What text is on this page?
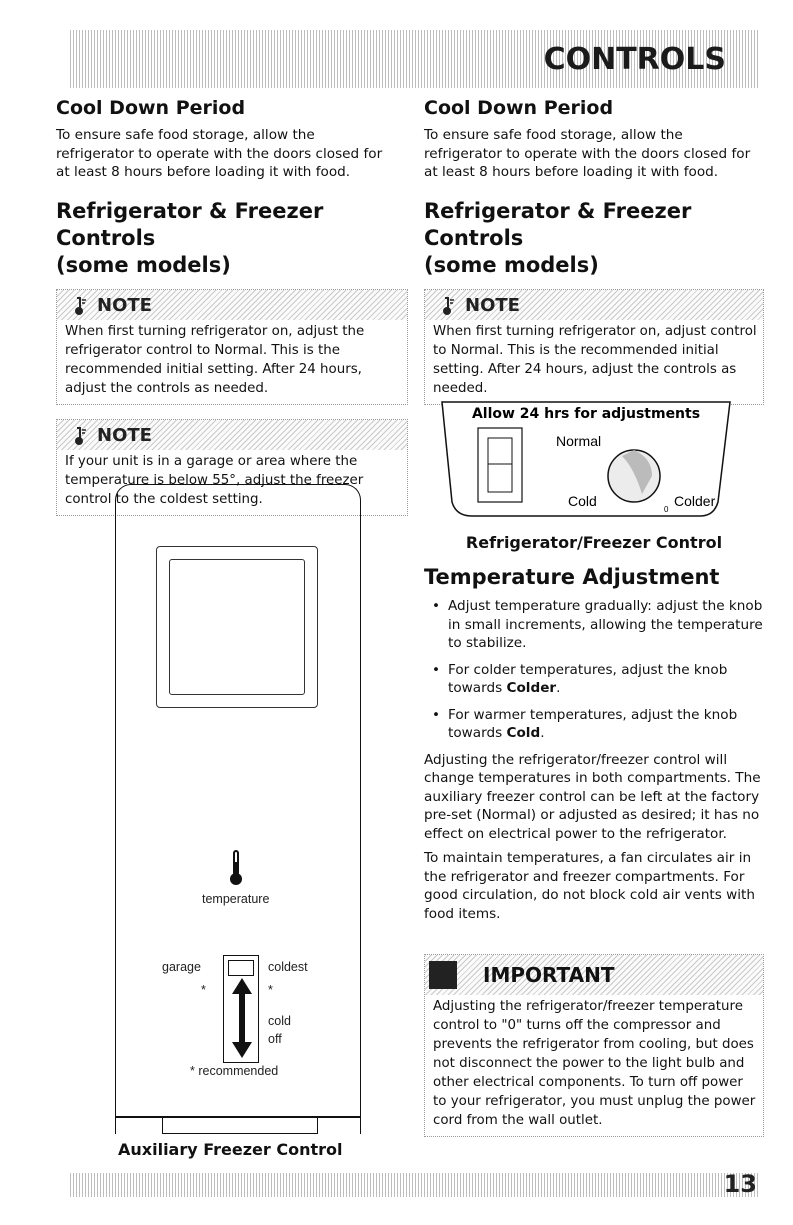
CONTROLS
Cool Down Period

To ensure safe food storage, allow the refrigerator to operate with the doors closed for at least 8 hours before loading it with food.

Refrigerator & Freezer Controls
(some models)
NOTE

When first turning refrigerator on, adjust the refrigerator control to Normal. This is the recommended initial setting. After 24 hours, adjust the controls as needed.

NOTE

If your unit is in a garage or area where the temperature is below 55°, adjust the freezer control to the coldest setting.

temperature
garage	coldest
*	*
cold
off
* recommended
Auxiliary Freezer Control
Cool Down Period

To ensure safe food storage, allow the refrigerator to operate with the doors closed for at least 8 hours before loading it with food.

Refrigerator & Freezer Controls
(some models)
NOTE

When first turning refrigerator on, adjust control to Normal. This is the recommended initial setting. After 24 hours, adjust the controls as needed.

Allow 24 hrs for adjustments
Normal
Cold	Colder
0
Refrigerator/Freezer Control
Temperature Adjustment
• Adjust temperature gradually: adjust the knob in small increments, allowing the temperature to stabilize.
• For colder temperatures, adjust the knob towards Colder.
• For warmer temperatures, adjust the knob towards Cold.

Adjusting the refrigerator/freezer control will change temperatures in both compartments. The auxiliary freezer control can be left at the factory pre-set (Normal) or adjusted as desired; it has no effect on electrical power to the refrigerator.

To maintain temperatures, a fan circulates air in the refrigerator and freezer compartments. For good circulation, do not block cold air vents with food items.

IMPORTANT

Adjusting the refrigerator/freezer temperature control to "0" turns off the compressor and prevents the refrigerator from cooling, but does not disconnect the power to the light bulb and other electrical components. To turn off power to your refrigerator, you must unplug the power cord from the wall outlet.

13
